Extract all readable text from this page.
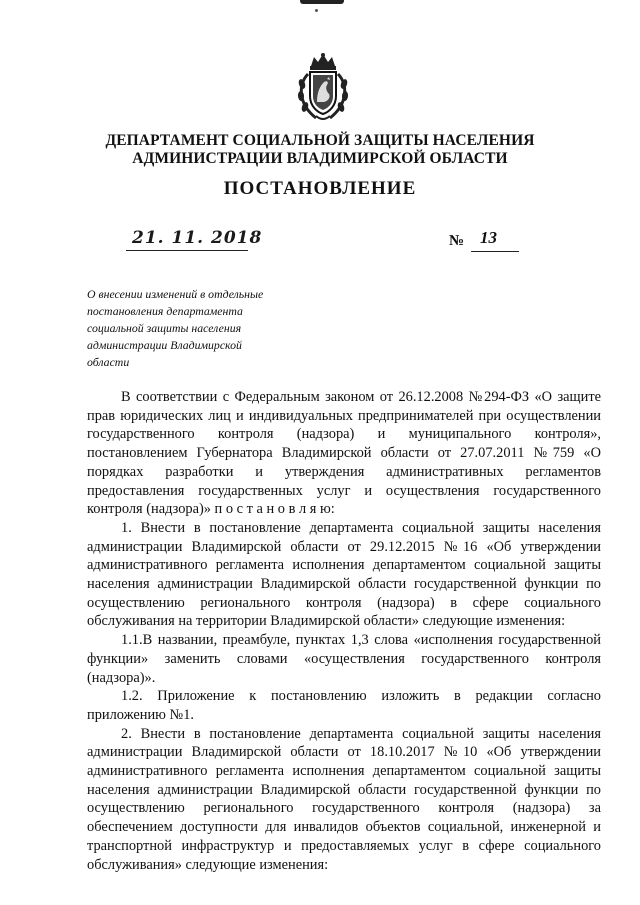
ДЕПАРТАМЕНТ СОЦИАЛЬНОЙ ЗАЩИТЫ НАСЕЛЕНИЯ
АДМИНИСТРАЦИИ ВЛАДИМИРСКОЙ ОБЛАСТИ
ПОСТАНОВЛЕНИЕ
21. 11. 2018	№ 13
О внесении изменений в отдельные
постановления департамента
социальной защиты населения
администрации Владимирской
области

В соответствии с Федеральным законом от 26.12.2008 №294-ФЗ «О защите прав юридических лиц и индивидуальных предпринимателей при осуществлении государственного контроля (надзора) и муниципального контроля», постановлением Губернатора Владимирской области от 27.07.2011 №759 «О порядках разработки и утверждения административных регламентов предоставления государственных услуг и осуществления государственного контроля (надзора)» п о с т а н о в л я ю:

1. Внести в постановление департамента социальной защиты населения администрации Владимирской области от 29.12.2015 №16 «Об утверждении административного регламента исполнения департаментом социальной защиты населения администрации Владимирской области государственной функции по осуществлению регионального контроля (надзора) в сфере социального обслуживания на территории Владимирской области» следующие изменения:

1.1.В названии, преамбуле, пунктах 1,3 слова «исполнения государственной функции» заменить словами «осуществления государственного контроля (надзора)».

1.2. Приложение к постановлению изложить в редакции согласно приложению №1.

2. Внести в постановление департамента социальной защиты населения администрации Владимирской области от 18.10.2017 №10 «Об утверждении административного регламента исполнения департаментом социальной защиты населения администрации Владимирской области государственной функции по осуществлению регионального государственного контроля (надзора) за обеспечением доступности для инвалидов объектов социальной, инженерной и транспортной инфраструктур и предоставляемых услуг в сфере социального обслуживания» следующие изменения:
